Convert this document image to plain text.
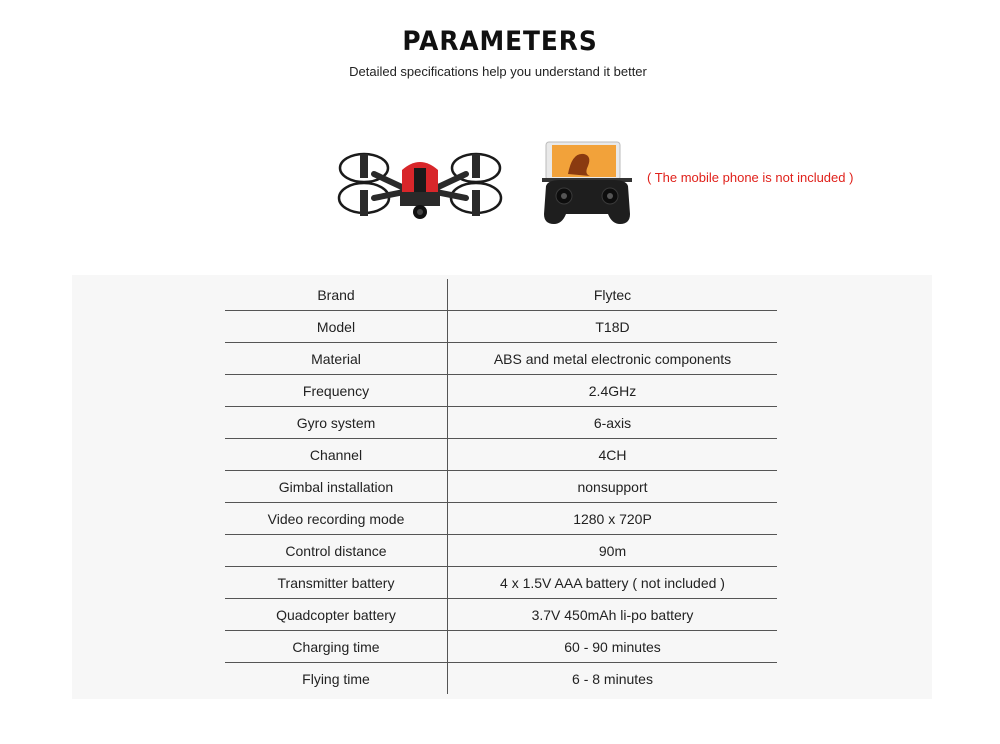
PARAMETERS
Detailed specifications help you understand it better
( The mobile phone is not included )
Brand	Flytec
Model	T18D
Material	ABS and metal electronic components
Frequency	2.4GHz
Gyro system	6-axis
Channel	4CH
Gimbal installation	nonsupport
Video recording mode	1280 x 720P
Control distance	90m
Transmitter battery	4 x 1.5V AAA battery ( not included )
Quadcopter battery	3.7V 450mAh li-po battery
Charging time	60 - 90 minutes
Flying time	6 - 8 minutes
